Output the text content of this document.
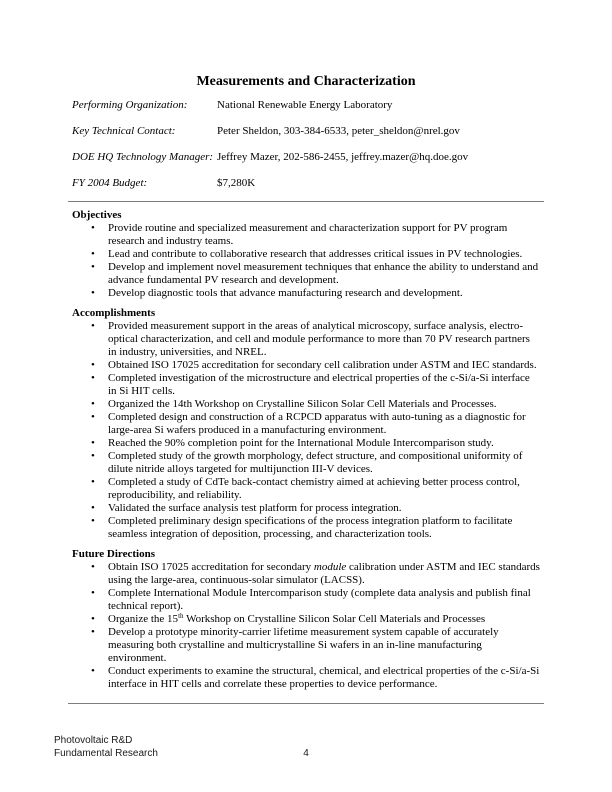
Measurements and Characterization
Performing Organization:	National Renewable Energy Laboratory
Key Technical Contact:	Peter Sheldon, 303-384-6533, peter_sheldon@nrel.gov
DOE HQ Technology Manager: Jeffrey Mazer, 202-586-2455, jeffrey.mazer@hq.doe.gov
FY 2004 Budget:	$7,280K
Objectives
• Provide routine and specialized measurement and characterization support for PV program research and industry teams.
• Lead and contribute to collaborative research that addresses critical issues in PV technologies.
• Develop and implement novel measurement techniques that enhance the ability to understand and advance fundamental PV research and development.
• Develop diagnostic tools that advance manufacturing research and development.
Accomplishments
• Provided measurement support in the areas of analytical microscopy, surface analysis, electro-optical characterization, and cell and module performance to more than 70 PV research partners in industry, universities, and NREL.
• Obtained ISO 17025 accreditation for secondary cell calibration under ASTM and IEC standards.
• Completed investigation of the microstructure and electrical properties of the c-Si/a-Si interface in Si HIT cells.
• Organized the 14th Workshop on Crystalline Silicon Solar Cell Materials and Processes.
• Completed design and construction of a RCPCD apparatus with auto-tuning as a diagnostic for large-area Si wafers produced in a manufacturing environment.
• Reached the 90% completion point for the International Module Intercomparison study.
• Completed study of the growth morphology, defect structure, and compositional uniformity of dilute nitride alloys targeted for multijunction III-V devices.
• Completed a study of CdTe back-contact chemistry aimed at achieving better process control, reproducibility, and reliability.
• Validated the surface analysis test platform for process integration.
• Completed preliminary design specifications of the process integration platform to facilitate seamless integration of deposition, processing, and characterization tools.
Future Directions
• Obtain ISO 17025 accreditation for secondary module calibration under ASTM and IEC standards using the large-area, continuous-solar simulator (LACSS).
• Complete International Module Intercomparison study (complete data analysis and publish final technical report).
• Organize the 15th Workshop on Crystalline Silicon Solar Cell Materials and Processes
• Develop a prototype minority-carrier lifetime measurement system capable of accurately measuring both crystalline and multicrystalline Si wafers in an in-line manufacturing environment.
• Conduct experiments to examine the structural, chemical, and electrical properties of the c-Si/a-Si interface in HIT cells and correlate these properties to device performance.
Photovoltaic R&D
Fundamental Research	4
